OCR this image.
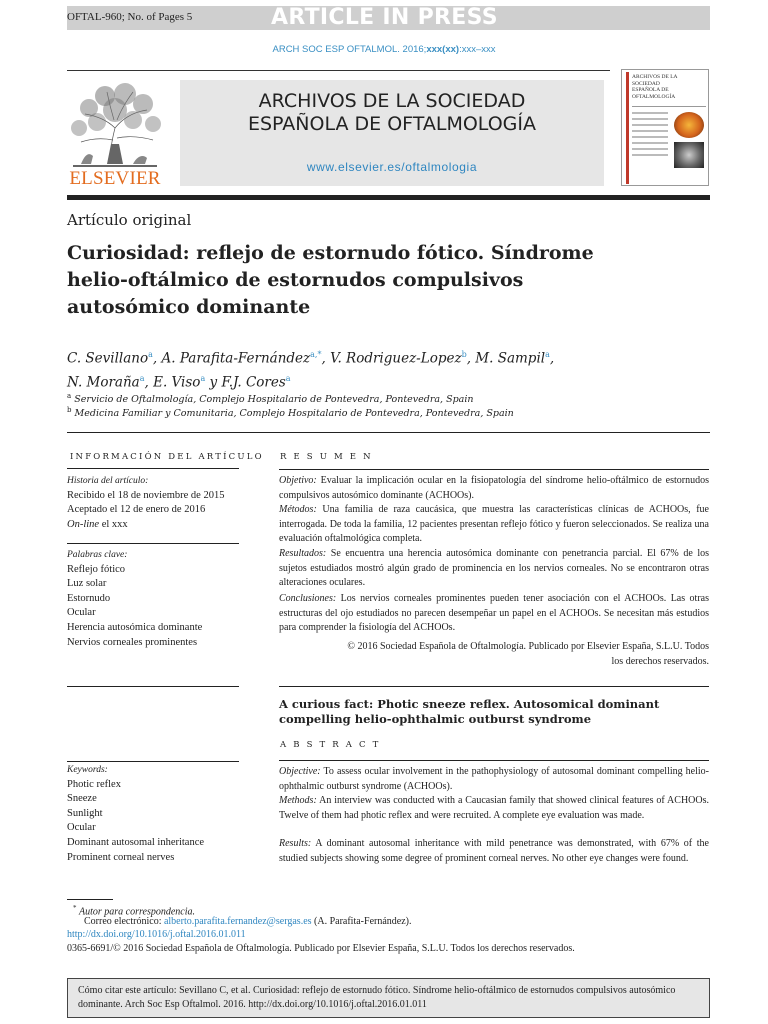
ARTICLE IN PRESS
OFTAL-960; No. of Pages 5
ARCH SOC ESP OFTALMOL. 2016;xxx(xx):xxx–xxx
ELSEVIER
ARCHIVOS DE LA SOCIEDAD
ESPAÑOLA DE OFTALMOLOGÍA
www.elsevier.es/oftalmologia
ARCHIVOS DE LA SOCIEDAD ESPAÑOLA DE OFTALMOLOGÍA
Artículo original
Curiosidad: reflejo de estornudo fótico. Síndrome helio-oftálmico de estornudos compulsivos autosómico dominante
C. Sevillano$^a$, A. Parafita-Fernández$^{a,*}$, V. Rodriguez-Lopez$^b$, M. Sampil$^a$,
N. Moraña$^a$, E. Viso$^a$ y F.J. Cores$^a$
$^a$ Servicio de Oftalmología, Complejo Hospitalario de Pontevedra, Pontevedra, Spain
$^b$ Medicina Familiar y Comunitaria, Complejo Hospitalario de Pontevedra, Pontevedra, Spain
INFORMACIÓN DEL ARTÍCULO
Historia del artículo:
Recibido el 18 de noviembre de 2015
Aceptado el 12 de enero de 2016
On-line el xxx
Palabras clave:
Reflejo fótico
Luz solar
Estornudo
Ocular
Herencia autosómica dominante
Nervios corneales prominentes
Keywords:
Photic reflex
Sneeze
Sunlight
Ocular
Dominant autosomal inheritance
Prominent corneal nerves
R E S U M E N
Objetivo: Evaluar la implicación ocular en la fisiopatología del síndrome helio-oftálmico de estornudos compulsivos autosómico dominante (ACHOOs).
Métodos: Una familia de raza caucásica, que muestra las características clínicas de ACHOOs, fue interrogada. De toda la familia, 12 pacientes presentan reflejo fótico y fueron seleccionados. Se realiza una evaluación oftalmológica completa.
Resultados: Se encuentra una herencia autosómica dominante con penetrancia parcial. El 67% de los sujetos estudiados mostró algún grado de prominencia en los nervios corneales. No se encontraron otras alteraciones oculares.
Conclusiones: Los nervios corneales prominentes pueden tener asociación con el ACHOOs. Las otras estructuras del ojo estudiados no parecen desempeñar un papel en el ACHOOs. Se necesitan más estudios para comprender la fisiología del ACHOOs.
© 2016 Sociedad Española de Oftalmología. Publicado por Elsevier España, S.L.U. Todos
los derechos reservados.
A curious fact: Photic sneeze reflex. Autosomical dominant compelling helio-ophthalmic outburst syndrome
A B S T R A C T
Objective: To assess ocular involvement in the pathophysiology of autosomal dominant compelling helio-ophthalmic outburst syndrome (ACHOOs).
Methods: An interview was conducted with a Caucasian family that showed clinical features of ACHOOs. Twelve of them had photic reflex and were recruited. A complete eye evaluation was made.
Results: A dominant autosomal inheritance with mild penetrance was demonstrated, with 67% of the studied subjects showing some degree of prominent corneal nerves. No other eye changes were found.
* Autor para correspondencia.
Correo electrónico: alberto.parafita.fernandez@sergas.es (A. Parafita-Fernández).
http://dx.doi.org/10.1016/j.oftal.2016.01.011
0365-6691/© 2016 Sociedad Española de Oftalmología. Publicado por Elsevier España, S.L.U. Todos los derechos reservados.
Cómo citar este artículo: Sevillano C, et al. Curiosidad: reflejo de estornudo fótico. Síndrome helio-oftálmico de estornudos compulsivos autosómico dominante. Arch Soc Esp Oftalmol. 2016. http://dx.doi.org/10.1016/j.oftal.2016.01.011
